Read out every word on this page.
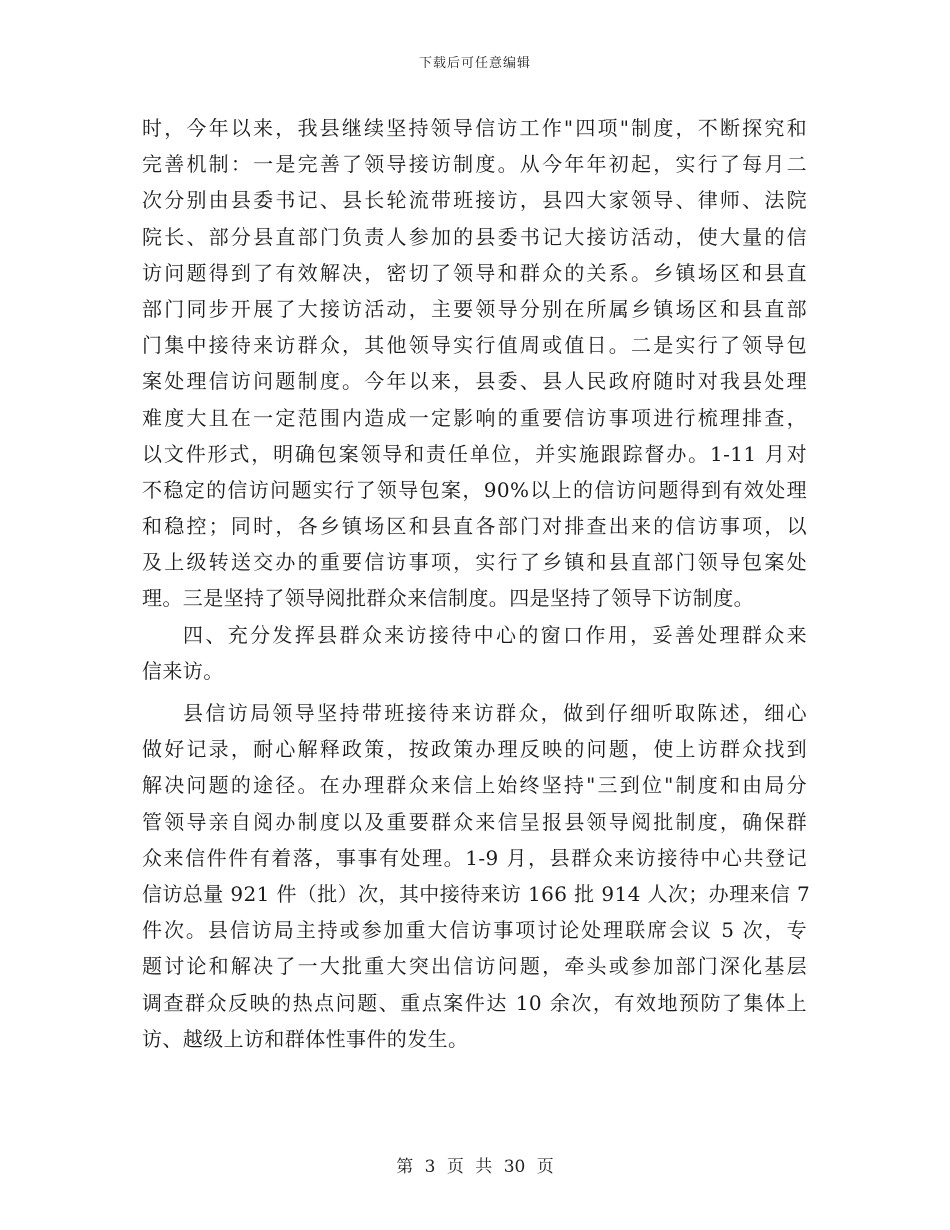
下载后可任意编辑
时，今年以来，我县继续坚持领导信访工作"四项"制度，不断探究和
完善机制：一是完善了领导接访制度。从今年年初起，实行了每月二
次分别由县委书记、县长轮流带班接访，县四大家领导、律师、法院
院长、部分县直部门负责人参加的县委书记大接访活动，使大量的信
访问题得到了有效解决，密切了领导和群众的关系。乡镇场区和县直
部门同步开展了大接访活动，主要领导分别在所属乡镇场区和县直部
门集中接待来访群众，其他领导实行值周或值日。二是实行了领导包
案处理信访问题制度。今年以来，县委、县人民政府随时对我县处理
难度大且在一定范围内造成一定影响的重要信访事项进行梳理排查，
以文件形式，明确包案领导和责任单位，并实施跟踪督办。1-11 月对
不稳定的信访问题实行了领导包案，90%以上的信访问题得到有效处理
和稳控；同时，各乡镇场区和县直各部门对排查出来的信访事项，以
及上级转送交办的重要信访事项，实行了乡镇和县直部门领导包案处
理。三是坚持了领导阅批群众来信制度。四是坚持了领导下访制度。
四、充分发挥县群众来访接待中心的窗口作用，妥善处理群众来
信来访。
县信访局领导坚持带班接待来访群众，做到仔细听取陈述，细心
做好记录，耐心解释政策，按政策办理反映的问题，使上访群众找到
解决问题的途径。在办理群众来信上始终坚持"三到位"制度和由局分
管领导亲自阅办制度以及重要群众来信呈报县领导阅批制度，确保群
众来信件件有着落，事事有处理。1-9 月，县群众来访接待中心共登记
信访总量 921 件（批）次，其中接待来访 166 批 914 人次；办理来信 7
件次。县信访局主持或参加重大信访事项讨论处理联席会议 5 次，专
题讨论和解决了一大批重大突出信访问题，牵头或参加部门深化基层
调查群众反映的热点问题、重点案件达 10 余次，有效地预防了集体上
访、越级上访和群体性事件的发生。
第 3 页 共 30 页
